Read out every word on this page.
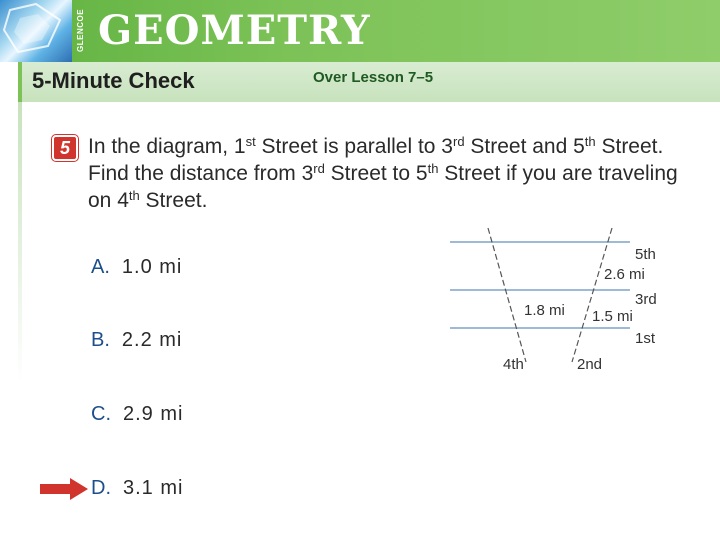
GLENCOE GEOMETRY
5-Minute Check	Over Lesson 7–5
5 In the diagram, 1st Street is parallel to 3rd Street and 5th Street. Find the distance from 3rd Street to 5th Street if you are traveling on 4th Street.
A. 1.0 mi
B. 2.2 mi
C. 2.9 mi
D. 3.1 mi
5th
3rd
1st
4th	2nd
2.6 mi
1.8 mi 1.5 mi
